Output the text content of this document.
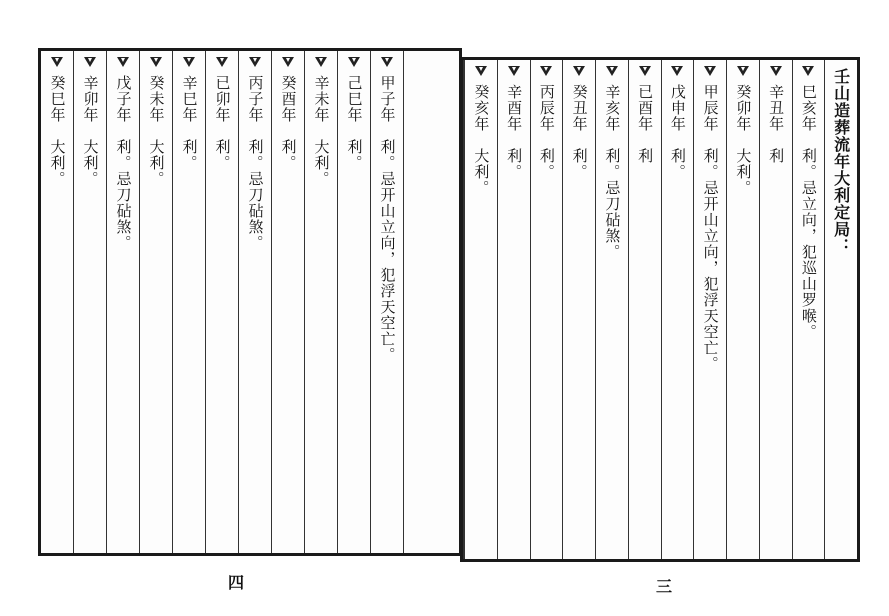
甲子年　利。忌开山立向，犯浮天空亡。
己巳年　利。
辛未年　大利。
癸酉年　利。
丙子年　利。忌刀砧煞。
已卯年　利。
辛巳年　利。
癸未年　大利。
戊子年　利。忌刀砧煞。
辛卯年　大利。
癸巳年　大利。	壬山造葬流年大利定局：
巳亥年　利。忌立向，犯巡山罗喉。
辛丑年　利
癸卯年　大利。
甲辰年　利。忌开山立向，犯浮天空亡。
戊申年　利。
已酉年　利
辛亥年　利。忌刀砧煞。
癸丑年　利。
丙辰年　利。
辛酉年　利。
癸亥年　大利。
四	三
